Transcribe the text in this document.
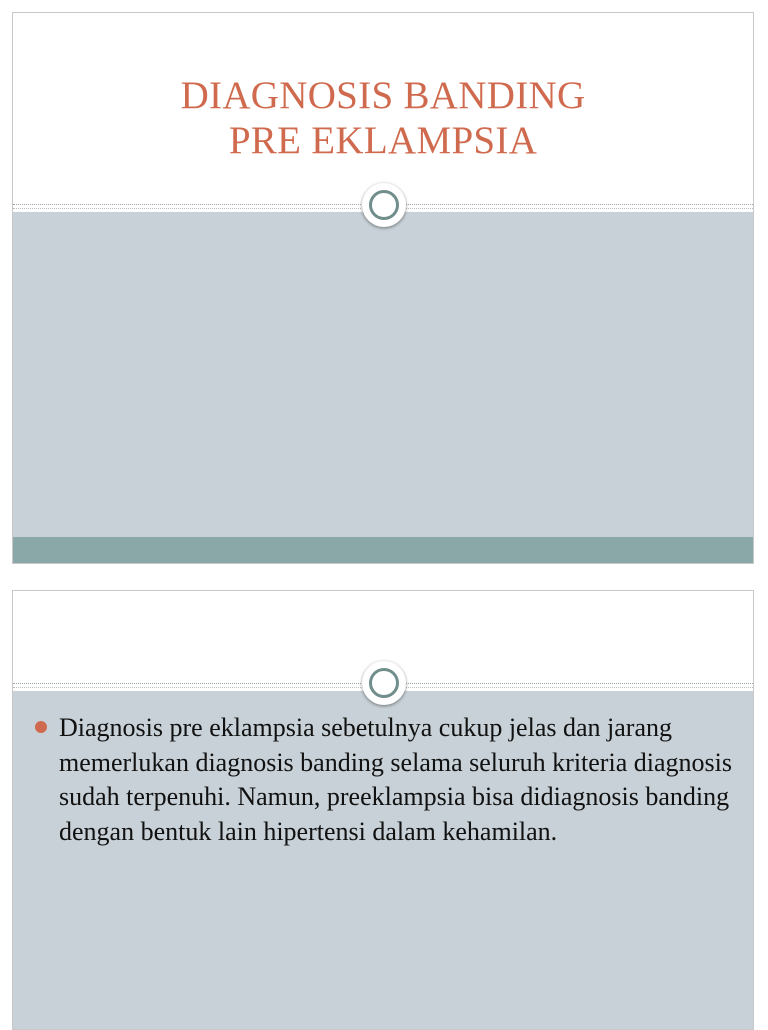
DIAGNOSIS BANDING
PRE EKLAMPSIA

Diagnosis pre eklampsia sebetulnya cukup jelas dan jarang memerlukan diagnosis banding selama seluruh kriteria diagnosis sudah terpenuhi. Namun, preeklampsia bisa didiagnosis banding dengan bentuk lain hipertensi dalam kehamilan.
